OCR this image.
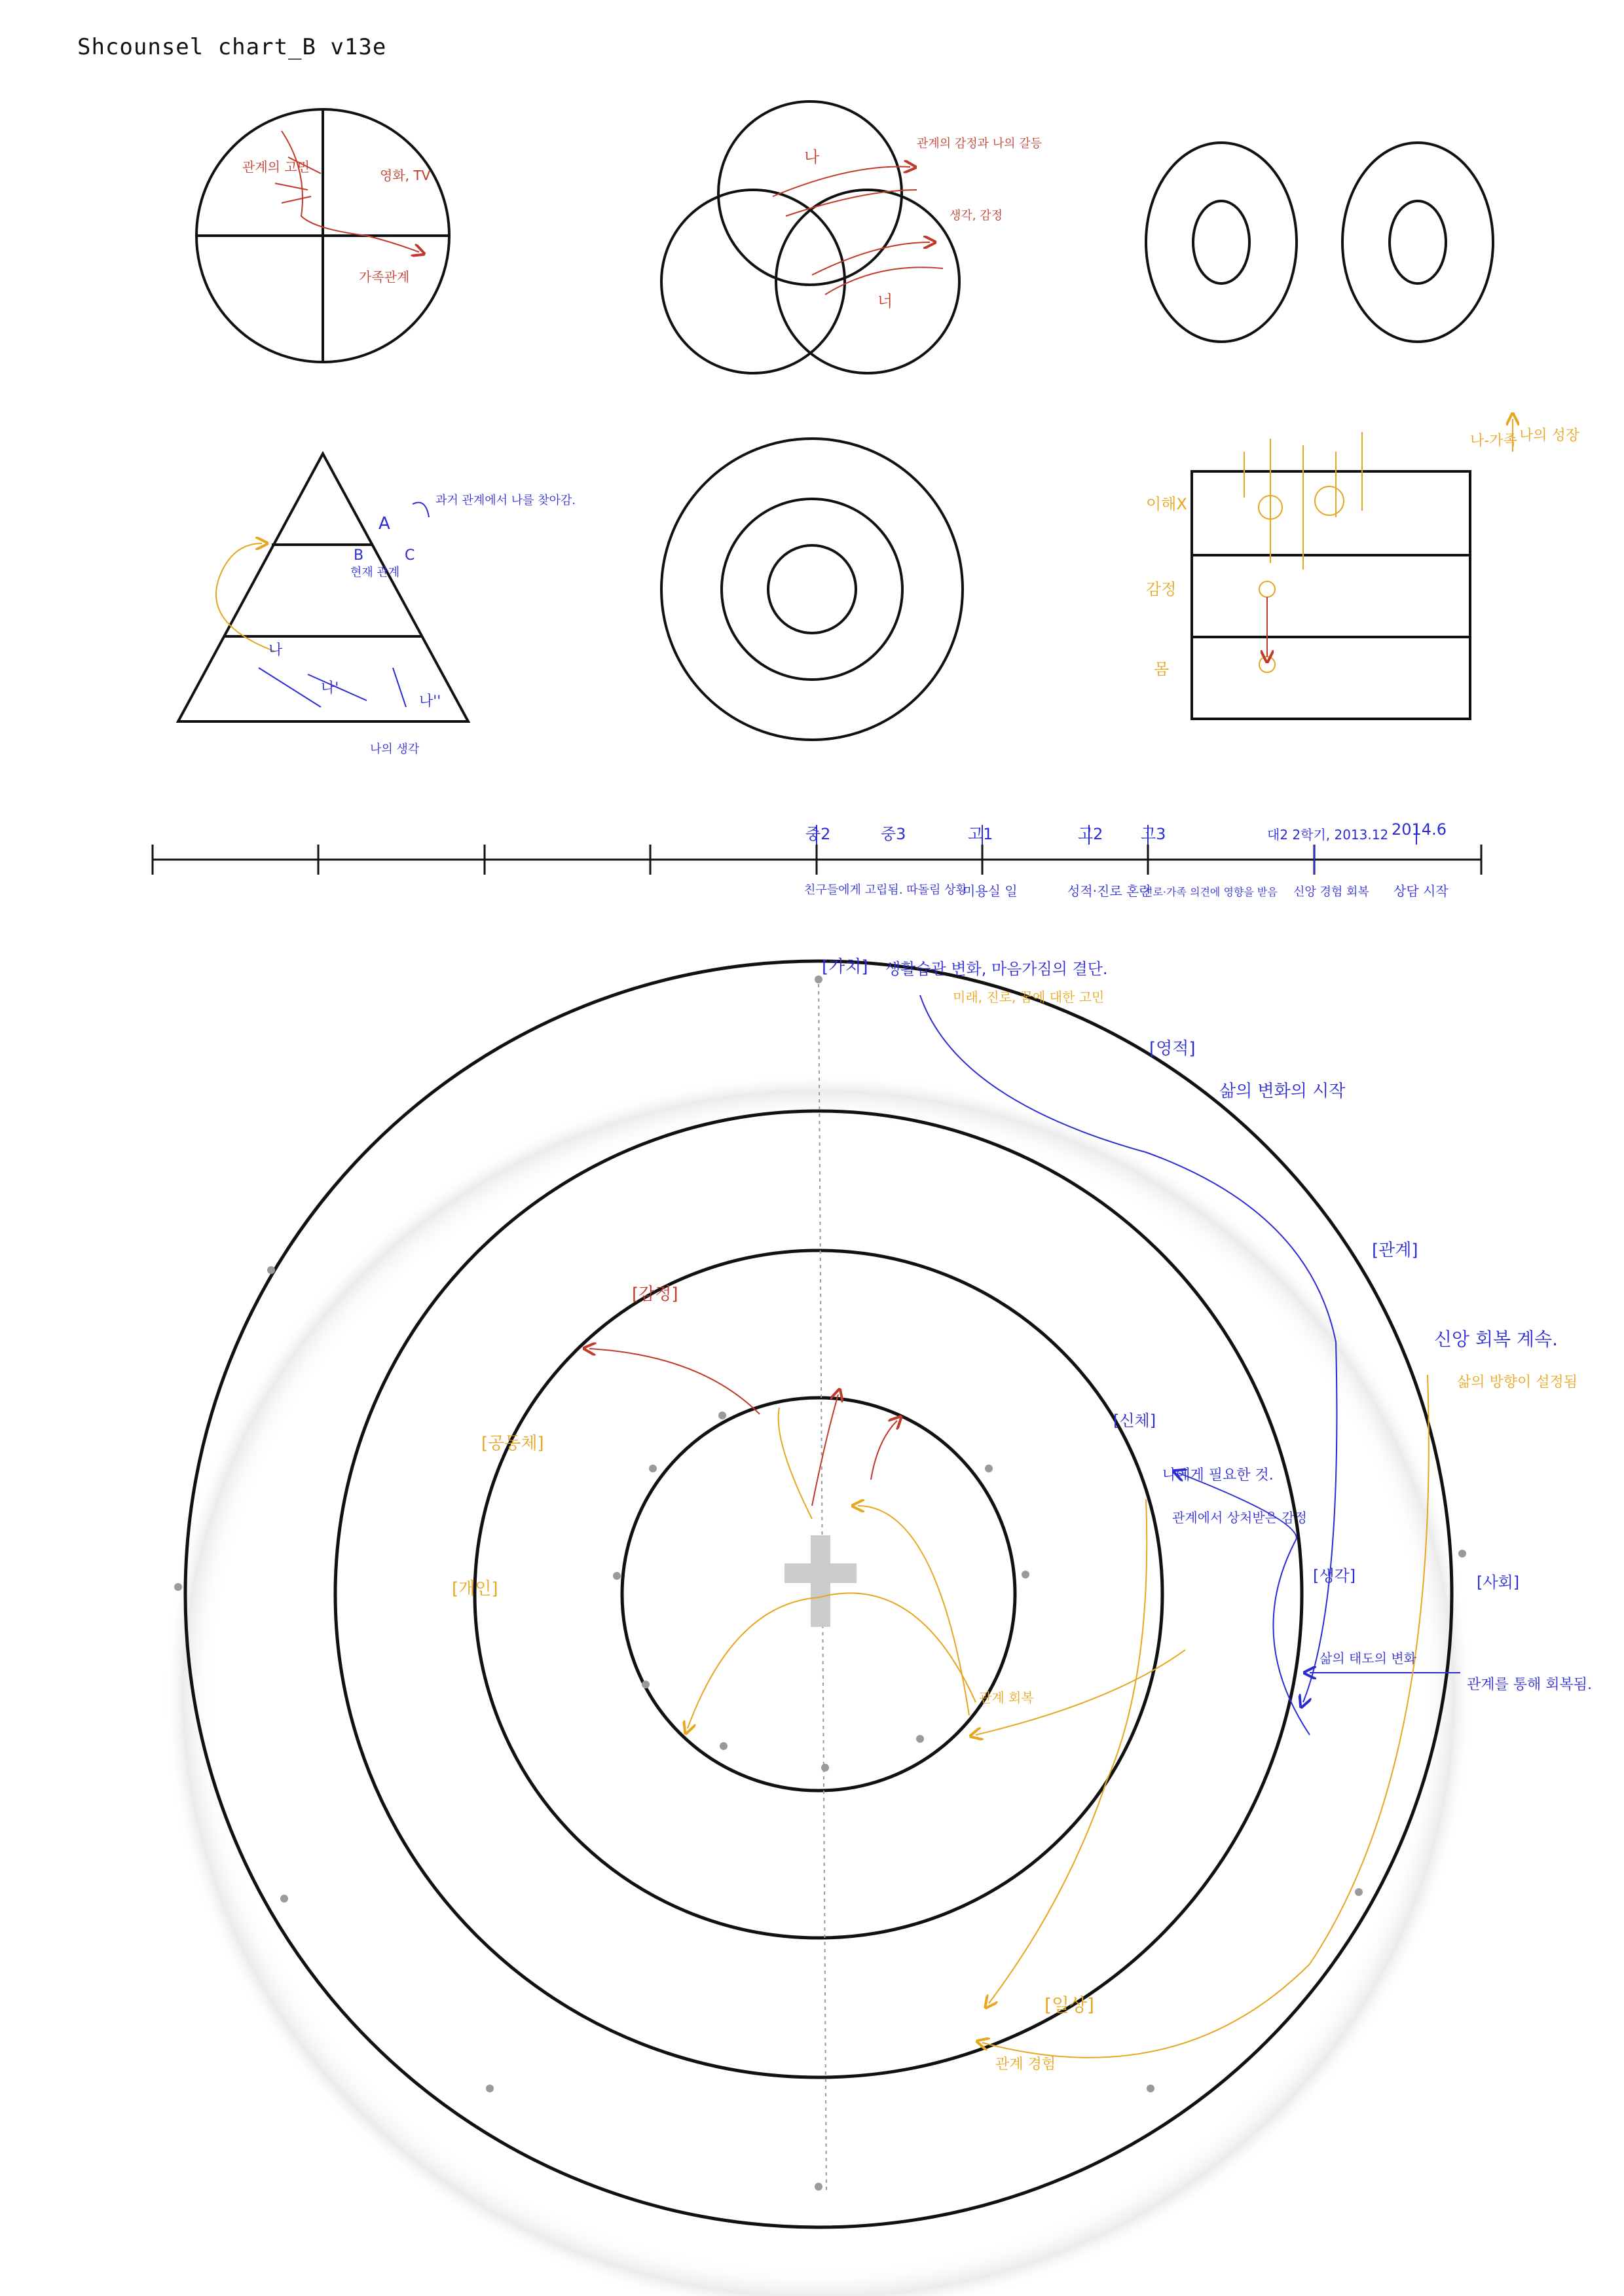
Shcounsel chart_B v13e
관계의 고민
영화, TV
가족관계
나
너
관계의 감정과 나의 갈등
생각, 감정
A
B	C
나
나'
나''
과거 관계에서 나를 찾아감.
현재 관계
나의 생각
이해X
감정
몸
나-가족 나의 성장
중2	중3	고1	고2 고3	대2 2학기, 2013.12 2014.6
친구들에게 고립됨. 따돌림 상황
미용실 일	성적·진로 혼란
진로·가족 의견에 영향을 받음 신앙 경험 회복 상담 시작
[가치]
[영적]
[관계]
[개인]
[공동체]
[감정]
[신체]
[일상]
[생각]	[사회]
생활습관 변화, 마음가짐의 결단.
삶의 변화의 시작
신앙 회복 계속.
나에게 필요한 것.
관계에서 상처받은 감정
삶의 태도의 변화
관계를 통해 회복됨.
미래, 진로, 꿈에 대한 고민
관계 회복
삶의 방향이 설정됨
관계 경험
